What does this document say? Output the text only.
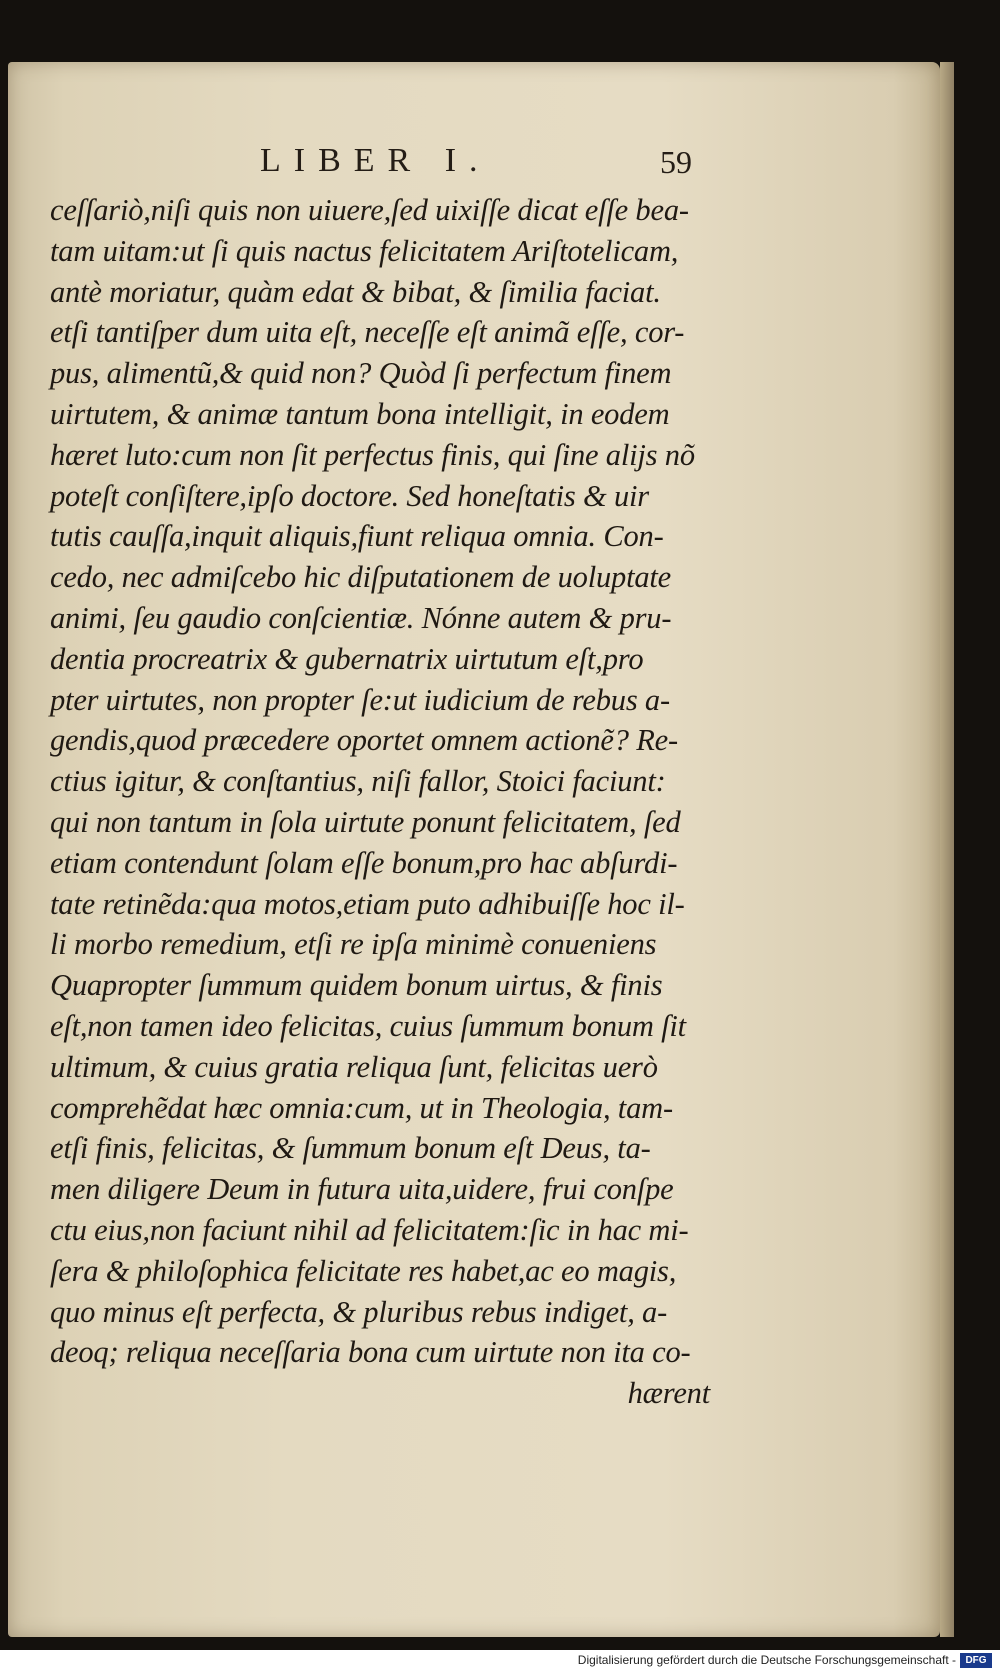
LIBER I.	59
ceſſariò,niſi quis non uiuere,ſed uixiſſe dicat eſſe bea-
tam uitam:ut ſi quis nactus felicitatem Ariſtotelicam,
antè moriatur, quàm edat & bibat, & ſimilia faciat.
etſi tantiſper dum uita eſt, neceſſe eſt animã eſſe, cor-
pus, alimentũ,& quid non? Quòd ſi perfectum finem
uirtutem, & animæ tantum bona intelligit, in eodem
hæret luto:cum non ſit perfectus finis, qui ſine alijs nõ
poteſt conſiſtere,ipſo doctore. Sed honeſtatis & uir
tutis cauſſa,inquit aliquis,fiunt reliqua omnia. Con-
cedo, nec admiſcebo hic diſputationem de uoluptate
animi, ſeu gaudio conſcientiæ. Nónne autem & pru-
dentia procreatrix & gubernatrix uirtutum eſt,pro
pter uirtutes, non propter ſe:ut iudicium de rebus a-
gendis,quod præcedere oportet omnem actionẽ? Re-
ctius igitur, & conſtantius, niſi fallor, Stoici faciunt:
qui non tantum in ſola uirtute ponunt felicitatem, ſed
etiam contendunt ſolam eſſe bonum,pro hac abſurdi-
tate retinẽda:qua motos,etiam puto adhibuiſſe hoc il-
li morbo remedium, etſi re ipſa minimè conueniens
Quapropter ſummum quidem bonum uirtus, & finis
eſt,non tamen ideo felicitas, cuius ſummum bonum ſit
ultimum, & cuius gratia reliqua ſunt, felicitas uerò
comprehẽdat hæc omnia:cum, ut in Theologia, tam-
etſi finis, felicitas, & ſummum bonum eſt Deus, ta-
men diligere Deum in futura uita,uidere, frui conſpe
ctu eius,non faciunt nihil ad felicitatem:ſic in hac mi-
ſera & philoſophica felicitate res habet,ac eo magis,
quo minus eſt perfecta, & pluribus rebus indiget, a-
deoq; reliqua neceſſaria bona cum uirtute non ita co-
hærent
Digitalisierung gefördert durch die Deutsche Forschungsgemeinschaft - DFG
